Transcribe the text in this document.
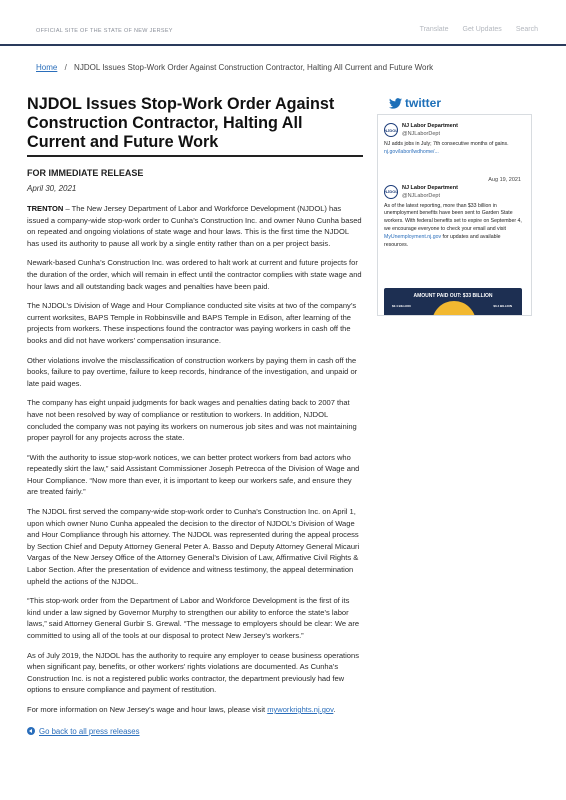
OFFICIAL SITE OF THE STATE OF NEW JERSEY	Translate Get Updates Search
Home / NJDOL Issues Stop-Work Order Against Construction Contractor, Halting All Current and Future Work
NJDOL Issues Stop-Work Order Against Construction Contractor, Halting All Current and Future Work
FOR IMMEDIATE RELEASE
April 30, 2021

TRENTON – The New Jersey Department of Labor and Workforce Development (NJDOL) has issued a company-wide stop-work order to Cunha’s Construction Inc. and owner Nuno Cunha based on repeated and ongoing violations of state wage and hour laws. This is the first time the NJDOL has used its authority to pause all work by a single entity rather than on a per project basis.

Newark-based Cunha’s Construction Inc. was ordered to halt work at current and future projects for the duration of the order, which will remain in effect until the contractor complies with state wage and hour laws and all outstanding back wages and penalties have been paid.

The NJDOL’s Division of Wage and Hour Compliance conducted site visits at two of the company’s current worksites, BAPS Temple in Robbinsville and BAPS Temple in Edison, after learning of the projects from workers. These inspections found the contractor was paying workers in cash off the books and did not have workers’ compensation insurance.

Other violations involve the misclassification of construction workers by paying them in cash off the books, failure to pay overtime, failure to keep records, hindrance of the investigation, and unpaid or late paid wages.

The company has eight unpaid judgments for back wages and penalties dating back to 2007 that have not been resolved by way of compliance or restitution to workers. In addition, NJDOL concluded the company was not paying its workers on numerous job sites and was not maintaining proper payroll for any projects across the state.

“With the authority to issue stop-work notices, we can better protect workers from bad actors who repeatedly skirt the law,” said Assistant Commissioner Joseph Petrecca of the Division of Wage and Hour Compliance. “Now more than ever, it is important to keep our workers safe, and ensure they are treated fairly.”

The NJDOL first served the company-wide stop-work order to Cunha’s Construction Inc. on April 1, upon which owner Nuno Cunha appealed the decision to the director of NJDOL’s Division of Wage and Hour Compliance through his attorney. The NJDOL was represented during the appeal process by Section Chief and Deputy Attorney General Peter A. Basso and Deputy Attorney General Micauri Vargas of the New Jersey Office of the Attorney General’s Division of Law, Affirmative Civil Rights & Labor Section. After the presentation of evidence and witness testimony, the appeal determination upheld the actions of the NJDOL.

“This stop-work order from the Department of Labor and Workforce Development is the first of its kind under a law signed by Governor Murphy to strengthen our ability to enforce the state’s labor laws,” said Attorney General Gurbir S. Grewal. “The message to employers should be clear: We are committed to using all of the tools at our disposal to protect New Jersey’s workers.”

As of July 2019, the NJDOL has the authority to require any employer to cease business operations when significant pay, benefits, or other workers’ rights violations are documented. As Cunha’s Construction Inc. is not a registered public works contractor, the department previously had few options to ensure compliance and payment of restitution.

For more information on New Jersey’s wage and hour laws, please visit myworkrights.nj.gov.

Go back to all press releases
twitter
NJDOL
NJ Labor Department
@NJLaborDept
NJ adds jobs in July; 7th consecutive months of gains. nj.gov/labor/lwdhome/...
Aug 19, 2021
NJDOL
NJ Labor Department
@NJLaborDept
As of the latest reporting, more than $33 billion in unemployment benefits have been sent to Garden State workers. With federal benefits set to expire on September 4, we encourage everyone to check your email and visit MyUnemployment.nj.gov for updates and available resources.
AMOUNT PAID OUT: $33 BILLION
$2.4 BILLION	$0.4 BILLION
